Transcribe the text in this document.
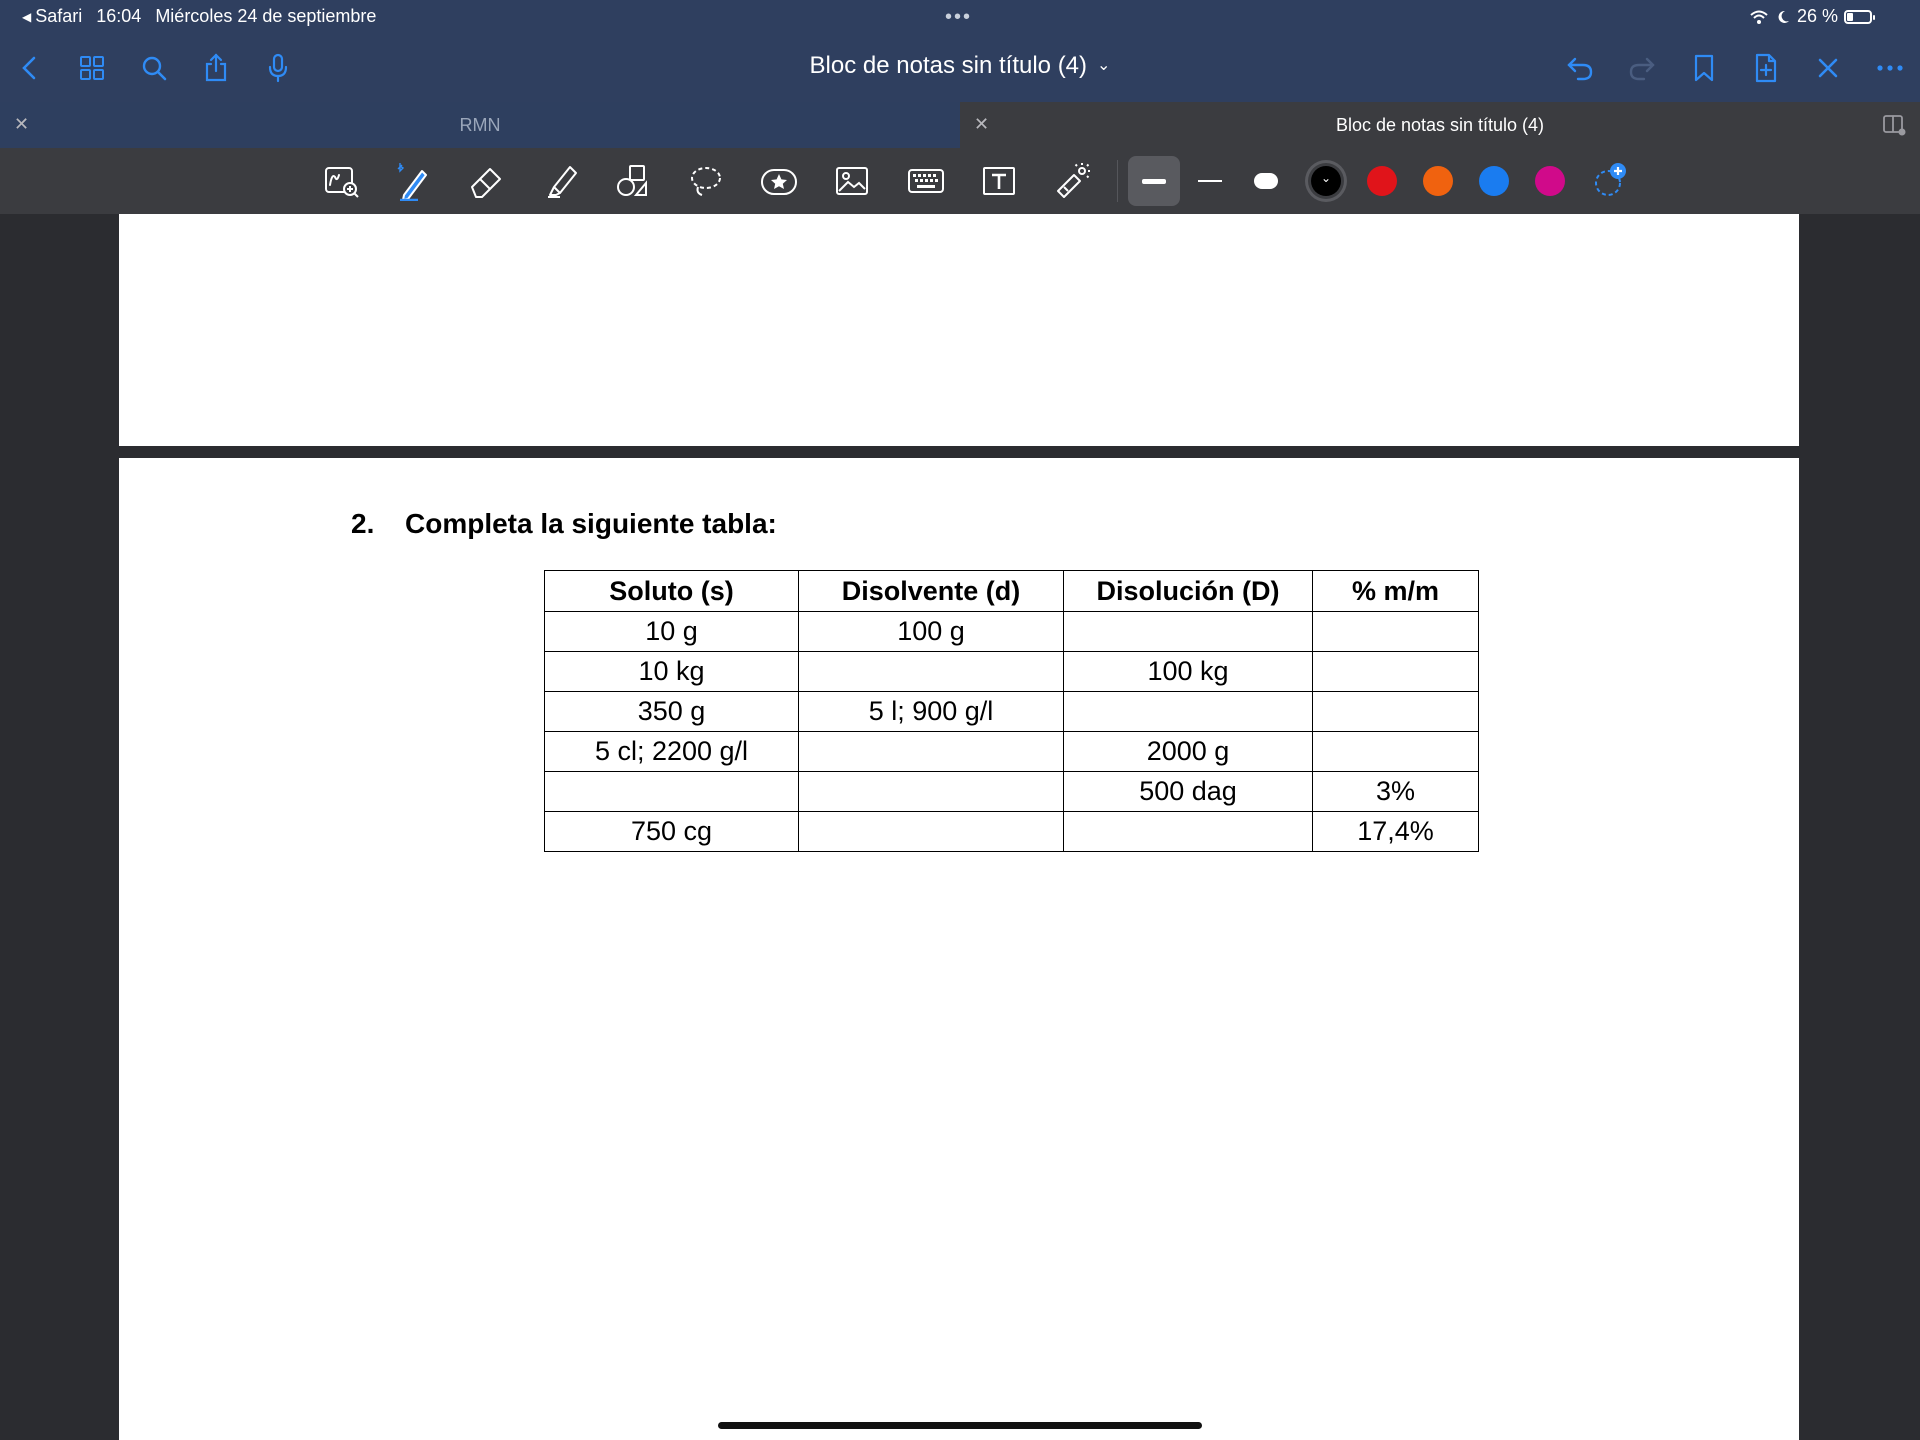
◀ Safari 16:04 Miércoles 24 de septiembre	•••	26 %
Bloc de notas sin título (4) ⌄
✕	RMN	✕	Bloc de notas sin título (4)
⌄
2. Completa la siguiente tabla:
Soluto (s)	Disolvente (d)	Disolución (D)	% m/m
10 g	100 g		
10 kg		100 kg	
350 g	5 l; 900 g/l		
5 cl; 2200 g/l		2000 g	
		500 dag	3%
750 cg			17,4%
